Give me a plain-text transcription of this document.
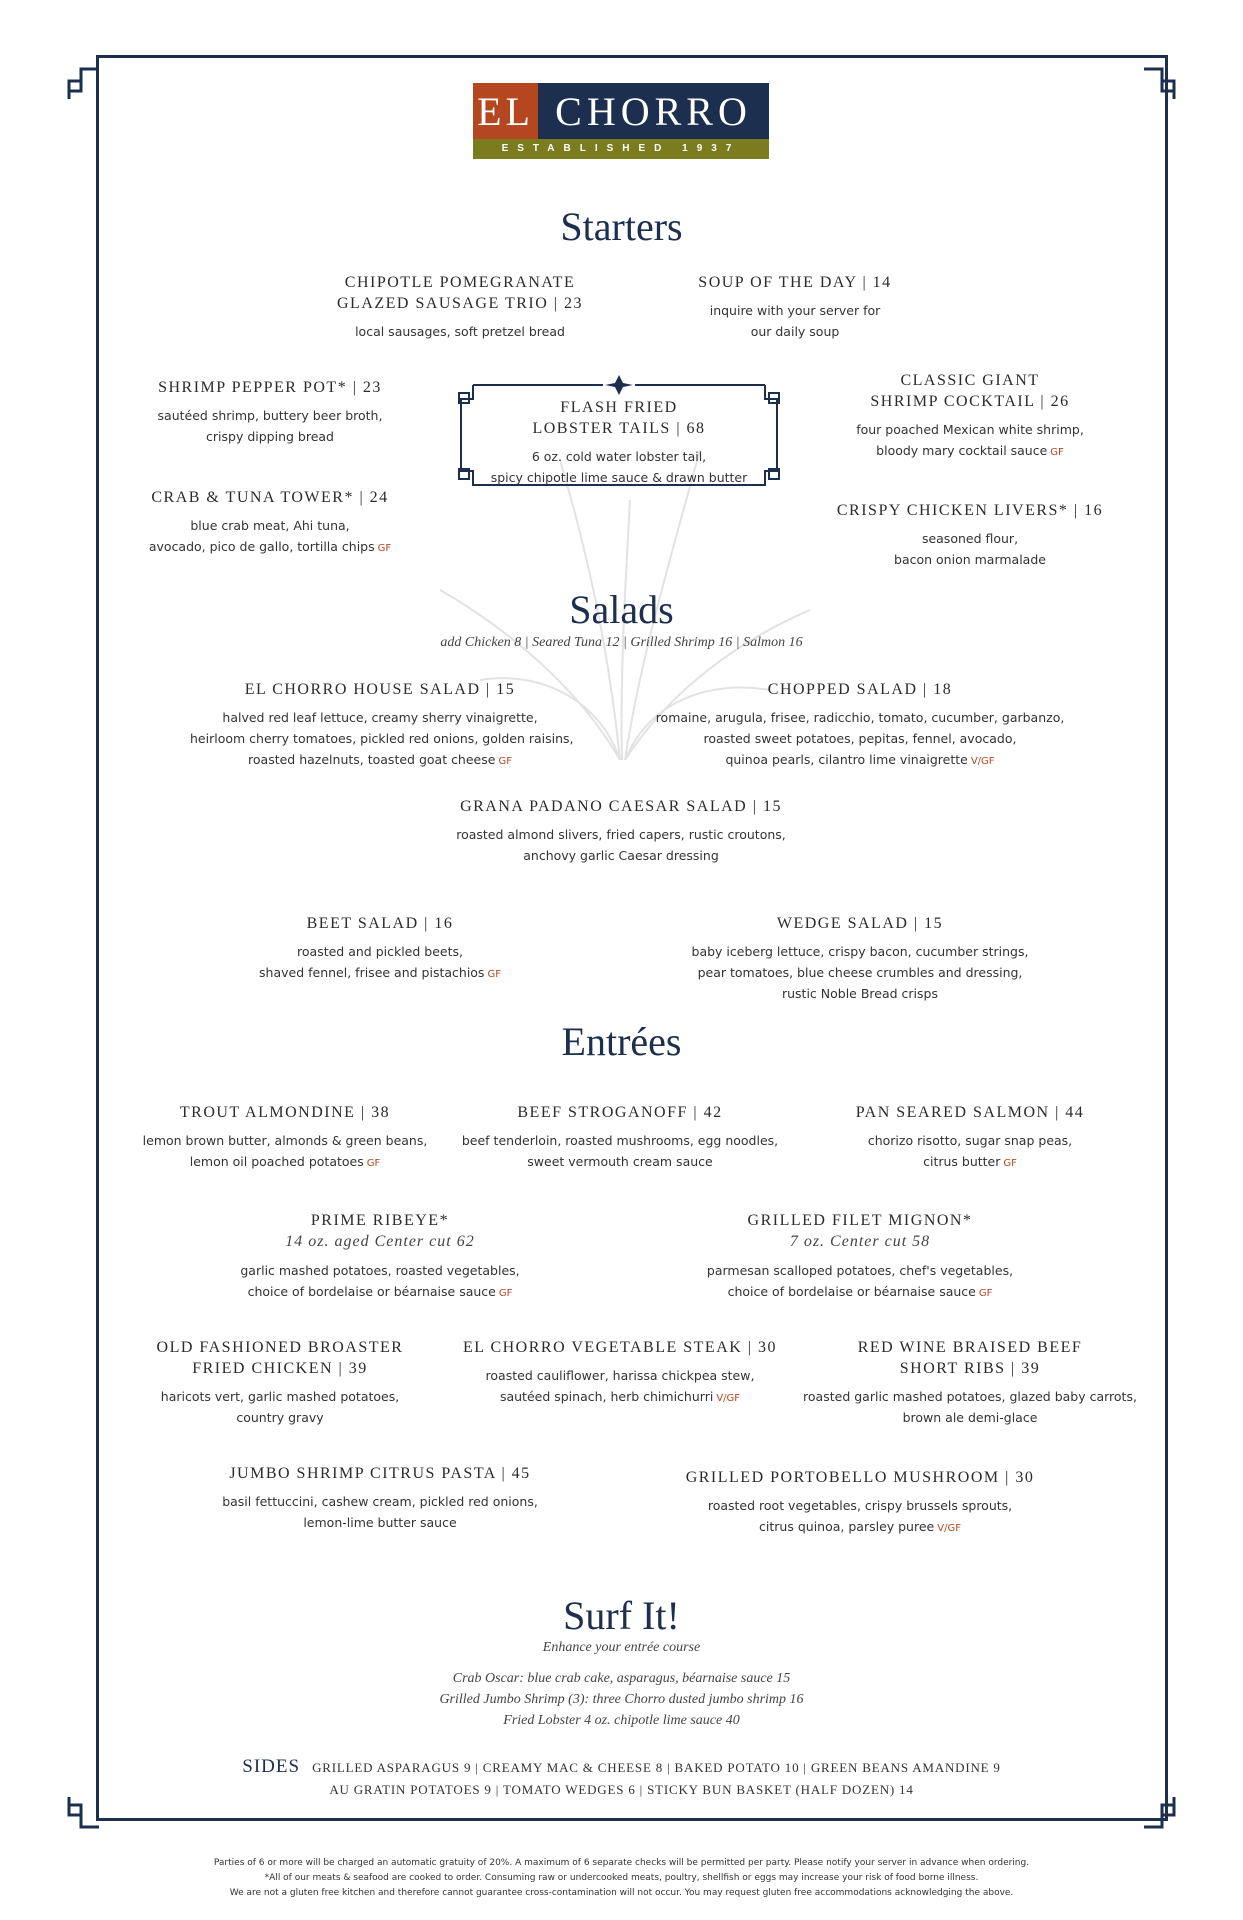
EL CHORRO
ESTABLISHED 1937
Starters
CHIPOTLE POMEGRANATE
GLAZED SAUSAGE TRIO | 23
local sausages, soft pretzel bread
SOUP OF THE DAY | 14
inquire with your server for
our daily soup
SHRIMP PEPPER POT* | 23
sautéed shrimp, buttery beer broth,
crispy dipping bread
CLASSIC GIANT
SHRIMP COCKTAIL | 26
four poached Mexican white shrimp,
bloody mary cocktail sauce GF
CRAB & TUNA TOWER* | 24
blue crab meat, Ahi tuna,
avocado, pico de gallo, tortilla chips GF
CRISPY CHICKEN LIVERS* | 16
seasoned flour,
bacon onion marmalade
FLASH FRIED
LOBSTER TAILS | 68
6 oz. cold water lobster tail,
spicy chipotle lime sauce & drawn butter
Salads
add Chicken 8 | Seared Tuna 12 | Grilled Shrimp 16 | Salmon 16
EL CHORRO HOUSE SALAD | 15
halved red leaf lettuce, creamy sherry vinaigrette,
heirloom cherry tomatoes, pickled red onions, golden raisins,
roasted hazelnuts, toasted goat cheese GF
CHOPPED SALAD | 18
romaine, arugula, frisee, radicchio, tomato, cucumber, garbanzo,
roasted sweet potatoes, pepitas, fennel, avocado,
quinoa pearls, cilantro lime vinaigrette V/GF
GRANA PADANO CAESAR SALAD | 15
roasted almond slivers, fried capers, rustic croutons,
anchovy garlic Caesar dressing
BEET SALAD | 16
roasted and pickled beets,
shaved fennel, frisee and pistachios GF
WEDGE SALAD | 15
baby iceberg lettuce, crispy bacon, cucumber strings,
pear tomatoes, blue cheese crumbles and dressing,
rustic Noble Bread crisps
Entrées
TROUT ALMONDINE | 38
lemon brown butter, almonds & green beans,
lemon oil poached potatoes GF
BEEF STROGANOFF | 42
beef tenderloin, roasted mushrooms, egg noodles,
sweet vermouth cream sauce
PAN SEARED SALMON | 44
chorizo risotto, sugar snap peas,
citrus butter GF
PRIME RIBEYE*
14 oz. aged Center cut 62
garlic mashed potatoes, roasted vegetables,
choice of bordelaise or béarnaise sauce GF
GRILLED FILET MIGNON*
7 oz. Center cut 58
parmesan scalloped potatoes, chef's vegetables,
choice of bordelaise or béarnaise sauce GF
OLD FASHIONED BROASTER
FRIED CHICKEN | 39
haricots vert, garlic mashed potatoes,
country gravy
EL CHORRO VEGETABLE STEAK | 30
roasted cauliflower, harissa chickpea stew,
sautéed spinach, herb chimichurri V/GF
RED WINE BRAISED BEEF
SHORT RIBS | 39
roasted garlic mashed potatoes, glazed baby carrots,
brown ale demi-glace
JUMBO SHRIMP CITRUS PASTA | 45
basil fettuccini, cashew cream, pickled red onions,
lemon-lime butter sauce
GRILLED PORTOBELLO MUSHROOM | 30
roasted root vegetables, crispy brussels sprouts,
citrus quinoa, parsley puree V/GF
Surf It!
Enhance your entrée course
Crab Oscar: blue crab cake, asparagus, béarnaise sauce 15
Grilled Jumbo Shrimp (3): three Chorro dusted jumbo shrimp 16
Fried Lobster 4 oz. chipotle lime sauce 40
SIDES GRILLED ASPARAGUS 9 | CREAMY MAC & CHEESE 8 | BAKED POTATO 10 | GREEN BEANS AMANDINE 9
AU GRATIN POTATOES 9 | TOMATO WEDGES 6 | STICKY BUN BASKET (HALF DOZEN) 14
Parties of 6 or more will be charged an automatic gratuity of 20%. A maximum of 6 separate checks will be permitted per party. Please notify your server in advance when ordering.
*All of our meats & seafood are cooked to order. Consuming raw or undercooked meats, poultry, shellfish or eggs may increase your risk of food borne illness.
We are not a gluten free kitchen and therefore cannot guarantee cross-contamination will not occur. You may request gluten free accommodations acknowledging the above.
